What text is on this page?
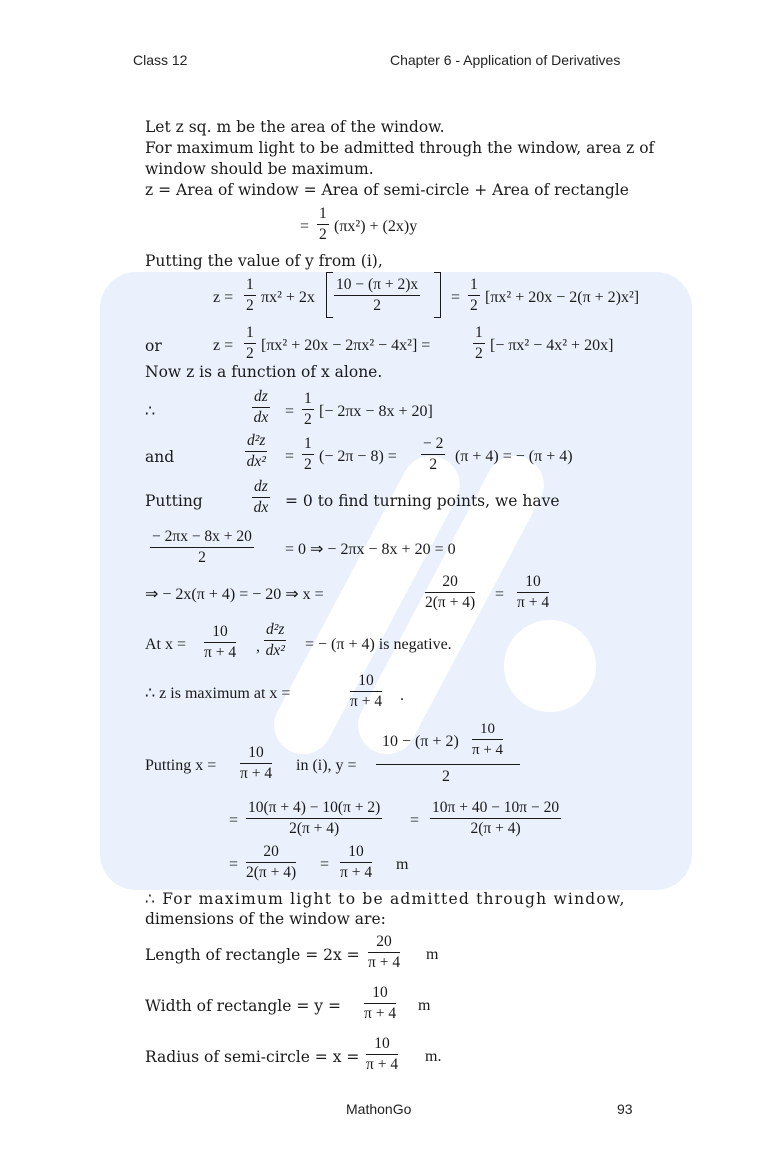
Class 12	Chapter 6 - Application of Derivatives
Let z sq. m be the area of the window.
For maximum light to be admitted through the window, area z of
window should be maximum.
z = Area of window = Area of semi-circle + Area of rectangle
=
1
2 (πx²) + (2x)y
Putting the value of y from (i),
z =
1
2 πx² + 2x
10 − (π + 2)x
2	=
1
2 [πx² + 20x − 2(π + 2)x²]
or	z =
1
2 [πx² + 20x − 2πx² − 4x²] =
1
2 [− πx² − 4x² + 20x]
Now z is a function of x alone.
∴
dz
dx =
1
2 [− 2πx − 8x + 20]
and
d²z
dx² =
1
2 (− 2π − 8) =
− 2
2 (π + 4) = − (π + 4)
Putting
dz
dx = 0 to find turning points, we have
− 2πx − 8x + 20
2	= 0 ⇒ − 2πx − 8x + 20 = 0
⇒ − 2x(π + 4) = − 20 ⇒ x =
20
2(π + 4) =
10
π + 4
At x =
10
π + 4 ,
d²z
dx² = − (π + 4) is negative.
∴ z is maximum at x =
10
π + 4 .
Putting x =
10
π + 4 in (i), y =
10 − (π + 2)
10
π + 4
2
=
10(π + 4) − 10(π + 2)
2(π + 4)	=
10π + 40 − 10π − 20
2(π + 4)
=
20
2(π + 4) =
10
π + 4 m
∴ For maximum light to be admitted through window,
dimensions of the window are:
Length of rectangle = 2x =
20
π + 4 m
Width of rectangle = y =
10
π + 4 m
Radius of semi-circle = x =
10
π + 4 m.
MathonGo	93
